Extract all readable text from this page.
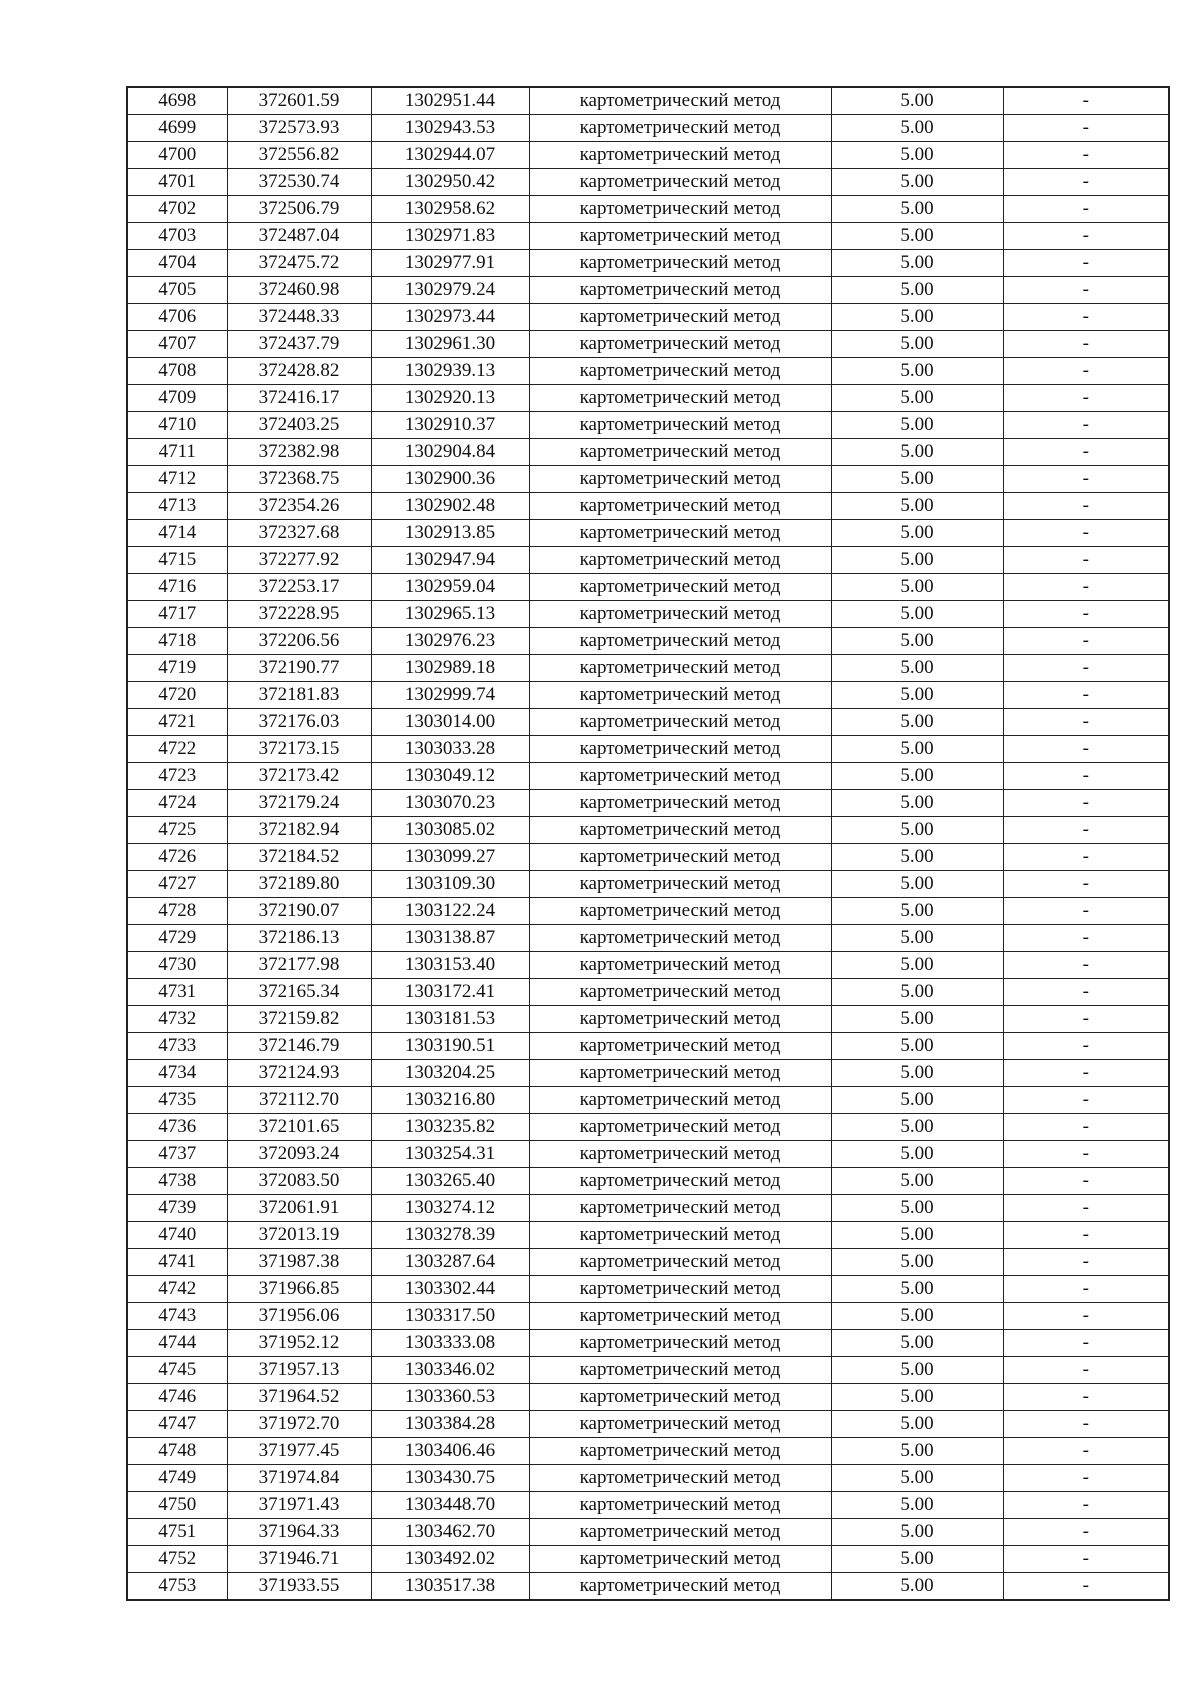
4698	372601.59	1302951.44	картометрический метод	5.00	-
4699	372573.93	1302943.53	картометрический метод	5.00	-
4700	372556.82	1302944.07	картометрический метод	5.00	-
4701	372530.74	1302950.42	картометрический метод	5.00	-
4702	372506.79	1302958.62	картометрический метод	5.00	-
4703	372487.04	1302971.83	картометрический метод	5.00	-
4704	372475.72	1302977.91	картометрический метод	5.00	-
4705	372460.98	1302979.24	картометрический метод	5.00	-
4706	372448.33	1302973.44	картометрический метод	5.00	-
4707	372437.79	1302961.30	картометрический метод	5.00	-
4708	372428.82	1302939.13	картометрический метод	5.00	-
4709	372416.17	1302920.13	картометрический метод	5.00	-
4710	372403.25	1302910.37	картометрический метод	5.00	-
4711	372382.98	1302904.84	картометрический метод	5.00	-
4712	372368.75	1302900.36	картометрический метод	5.00	-
4713	372354.26	1302902.48	картометрический метод	5.00	-
4714	372327.68	1302913.85	картометрический метод	5.00	-
4715	372277.92	1302947.94	картометрический метод	5.00	-
4716	372253.17	1302959.04	картометрический метод	5.00	-
4717	372228.95	1302965.13	картометрический метод	5.00	-
4718	372206.56	1302976.23	картометрический метод	5.00	-
4719	372190.77	1302989.18	картометрический метод	5.00	-
4720	372181.83	1302999.74	картометрический метод	5.00	-
4721	372176.03	1303014.00	картометрический метод	5.00	-
4722	372173.15	1303033.28	картометрический метод	5.00	-
4723	372173.42	1303049.12	картометрический метод	5.00	-
4724	372179.24	1303070.23	картометрический метод	5.00	-
4725	372182.94	1303085.02	картометрический метод	5.00	-
4726	372184.52	1303099.27	картометрический метод	5.00	-
4727	372189.80	1303109.30	картометрический метод	5.00	-
4728	372190.07	1303122.24	картометрический метод	5.00	-
4729	372186.13	1303138.87	картометрический метод	5.00	-
4730	372177.98	1303153.40	картометрический метод	5.00	-
4731	372165.34	1303172.41	картометрический метод	5.00	-
4732	372159.82	1303181.53	картометрический метод	5.00	-
4733	372146.79	1303190.51	картометрический метод	5.00	-
4734	372124.93	1303204.25	картометрический метод	5.00	-
4735	372112.70	1303216.80	картометрический метод	5.00	-
4736	372101.65	1303235.82	картометрический метод	5.00	-
4737	372093.24	1303254.31	картометрический метод	5.00	-
4738	372083.50	1303265.40	картометрический метод	5.00	-
4739	372061.91	1303274.12	картометрический метод	5.00	-
4740	372013.19	1303278.39	картометрический метод	5.00	-
4741	371987.38	1303287.64	картометрический метод	5.00	-
4742	371966.85	1303302.44	картометрический метод	5.00	-
4743	371956.06	1303317.50	картометрический метод	5.00	-
4744	371952.12	1303333.08	картометрический метод	5.00	-
4745	371957.13	1303346.02	картометрический метод	5.00	-
4746	371964.52	1303360.53	картометрический метод	5.00	-
4747	371972.70	1303384.28	картометрический метод	5.00	-
4748	371977.45	1303406.46	картометрический метод	5.00	-
4749	371974.84	1303430.75	картометрический метод	5.00	-
4750	371971.43	1303448.70	картометрический метод	5.00	-
4751	371964.33	1303462.70	картометрический метод	5.00	-
4752	371946.71	1303492.02	картометрический метод	5.00	-
4753	371933.55	1303517.38	картометрический метод	5.00	-
